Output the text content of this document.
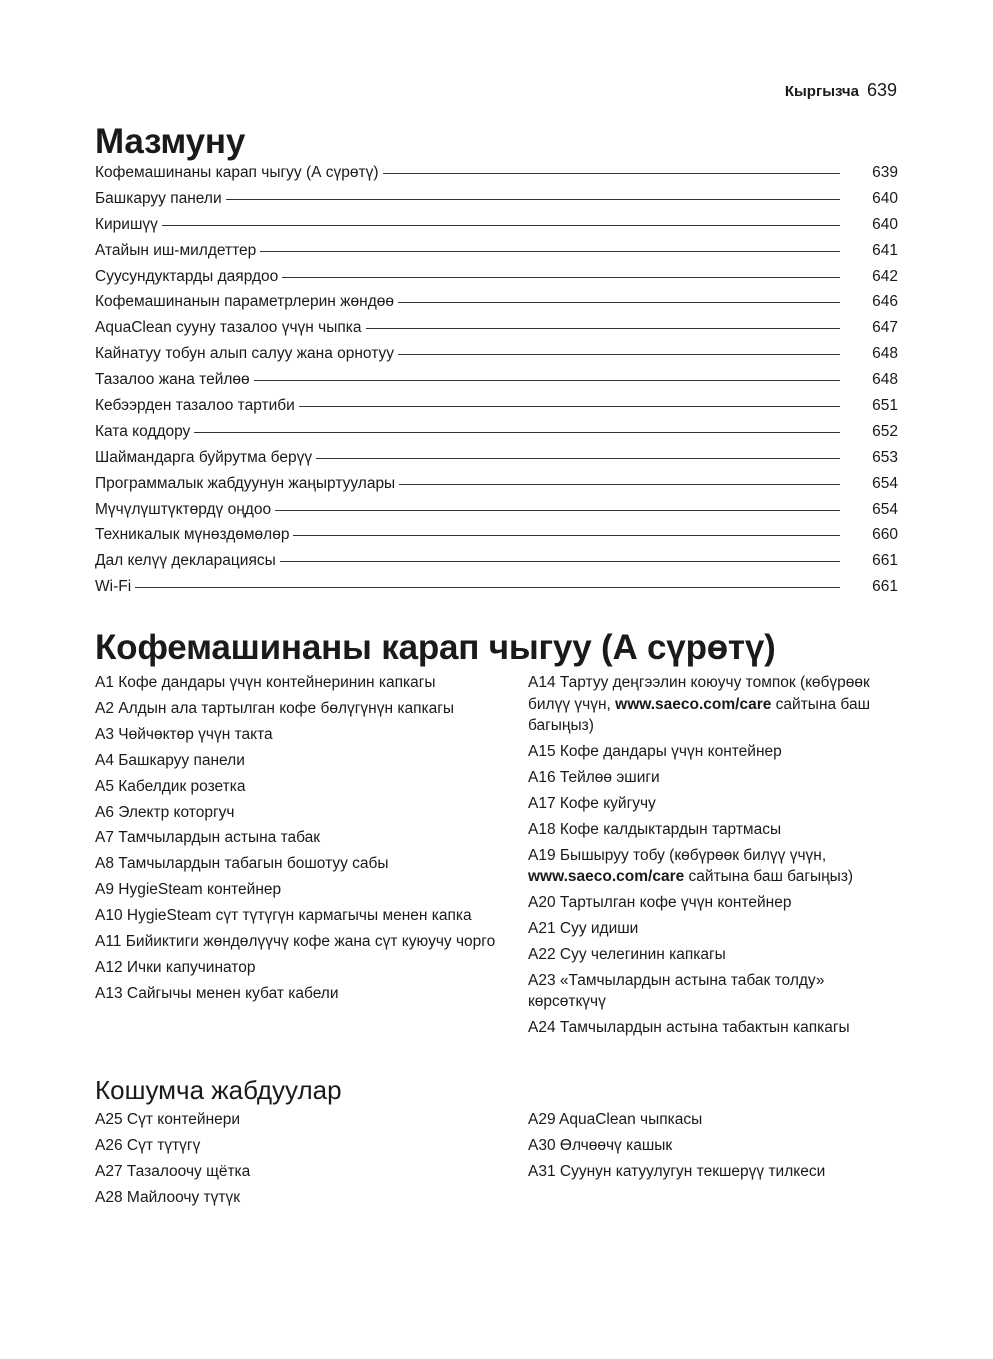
Кыргызча 639
Мазмуну
Кофемашинаны карап чыгуу (А сүрөтү)	639
Башкаруу панели	640
Киришүү	640
Атайын иш-милдеттер	641
Суусундуктарды даярдоо	642
Кофемашинанын параметрлерин жөндөө	646
AquaClean сууну тазалоо үчүн чыпка	647
Кайнатуу тобун алып салуу жана орнотуу	648
Тазалоо жана тейлөө	648
Кебээрден тазалоо тартиби	651
Ката коддору	652
Шаймандарга буйрутма берүү	653
Программалык жабдуунун жаңыртуулары	654
Мүчүлүштүктөрдү оңдоо	654
Техникалык мүнөздөмөлөр	660
Дал келүү декларациясы	661
Wi-Fi	661
Кофемашинаны карап чыгуу (А сүрөтү)
A1 Кофе дандары үчүн контейнеринин капкагы
A2 Алдын ала тартылган кофе бөлүгүнүн капкагы
A3 Чөйчөктөр үчүн такта
A4 Башкаруу панели
A5 Кабелдик розетка
A6 Электр которгуч
A7 Тамчылардын астына табак
A8 Тамчылардын табагын бошотуу сабы
A9 HygieSteam контейнер
A10 HygieSteam сүт түтүгүн кармагычы менен капка
A11 Бийиктиги жөндөлүүчү кофе жана сүт куюучу чорго
A12 Ички капучинатор
A13 Сайгычы менен кубат кабели
A14 Тартуу деңгээлин коюучу томпок (көбүрөөк билүү үчүн, www.saeco.com/care сайтына баш багыңыз)
A15 Кофе дандары үчүн контейнер
A16 Тейлөө эшиги
A17 Кофе куйгучу
A18 Кофе калдыктардын тартмасы
A19 Бышыруу тобу (көбүрөөк билүү үчүн, www.saeco.com/care сайтына баш багыңыз)
A20 Тартылган кофе үчүн контейнер
A21 Суу идиши
A22 Суу челегинин капкагы
A23 «Тамчылардын астына табак толду» көрсөткүчү
A24 Тамчылардын астына табактын капкагы
Кошумча жабдуулар
A25 Сүт контейнери
A26 Сүт түтүгү
A27 Тазалоочу щётка
A28 Майлоочу түтүк
A29 AquaClean чыпкасы
A30 Өлчөөчү кашык
A31 Суунун катуулугун текшерүү тилкеси
